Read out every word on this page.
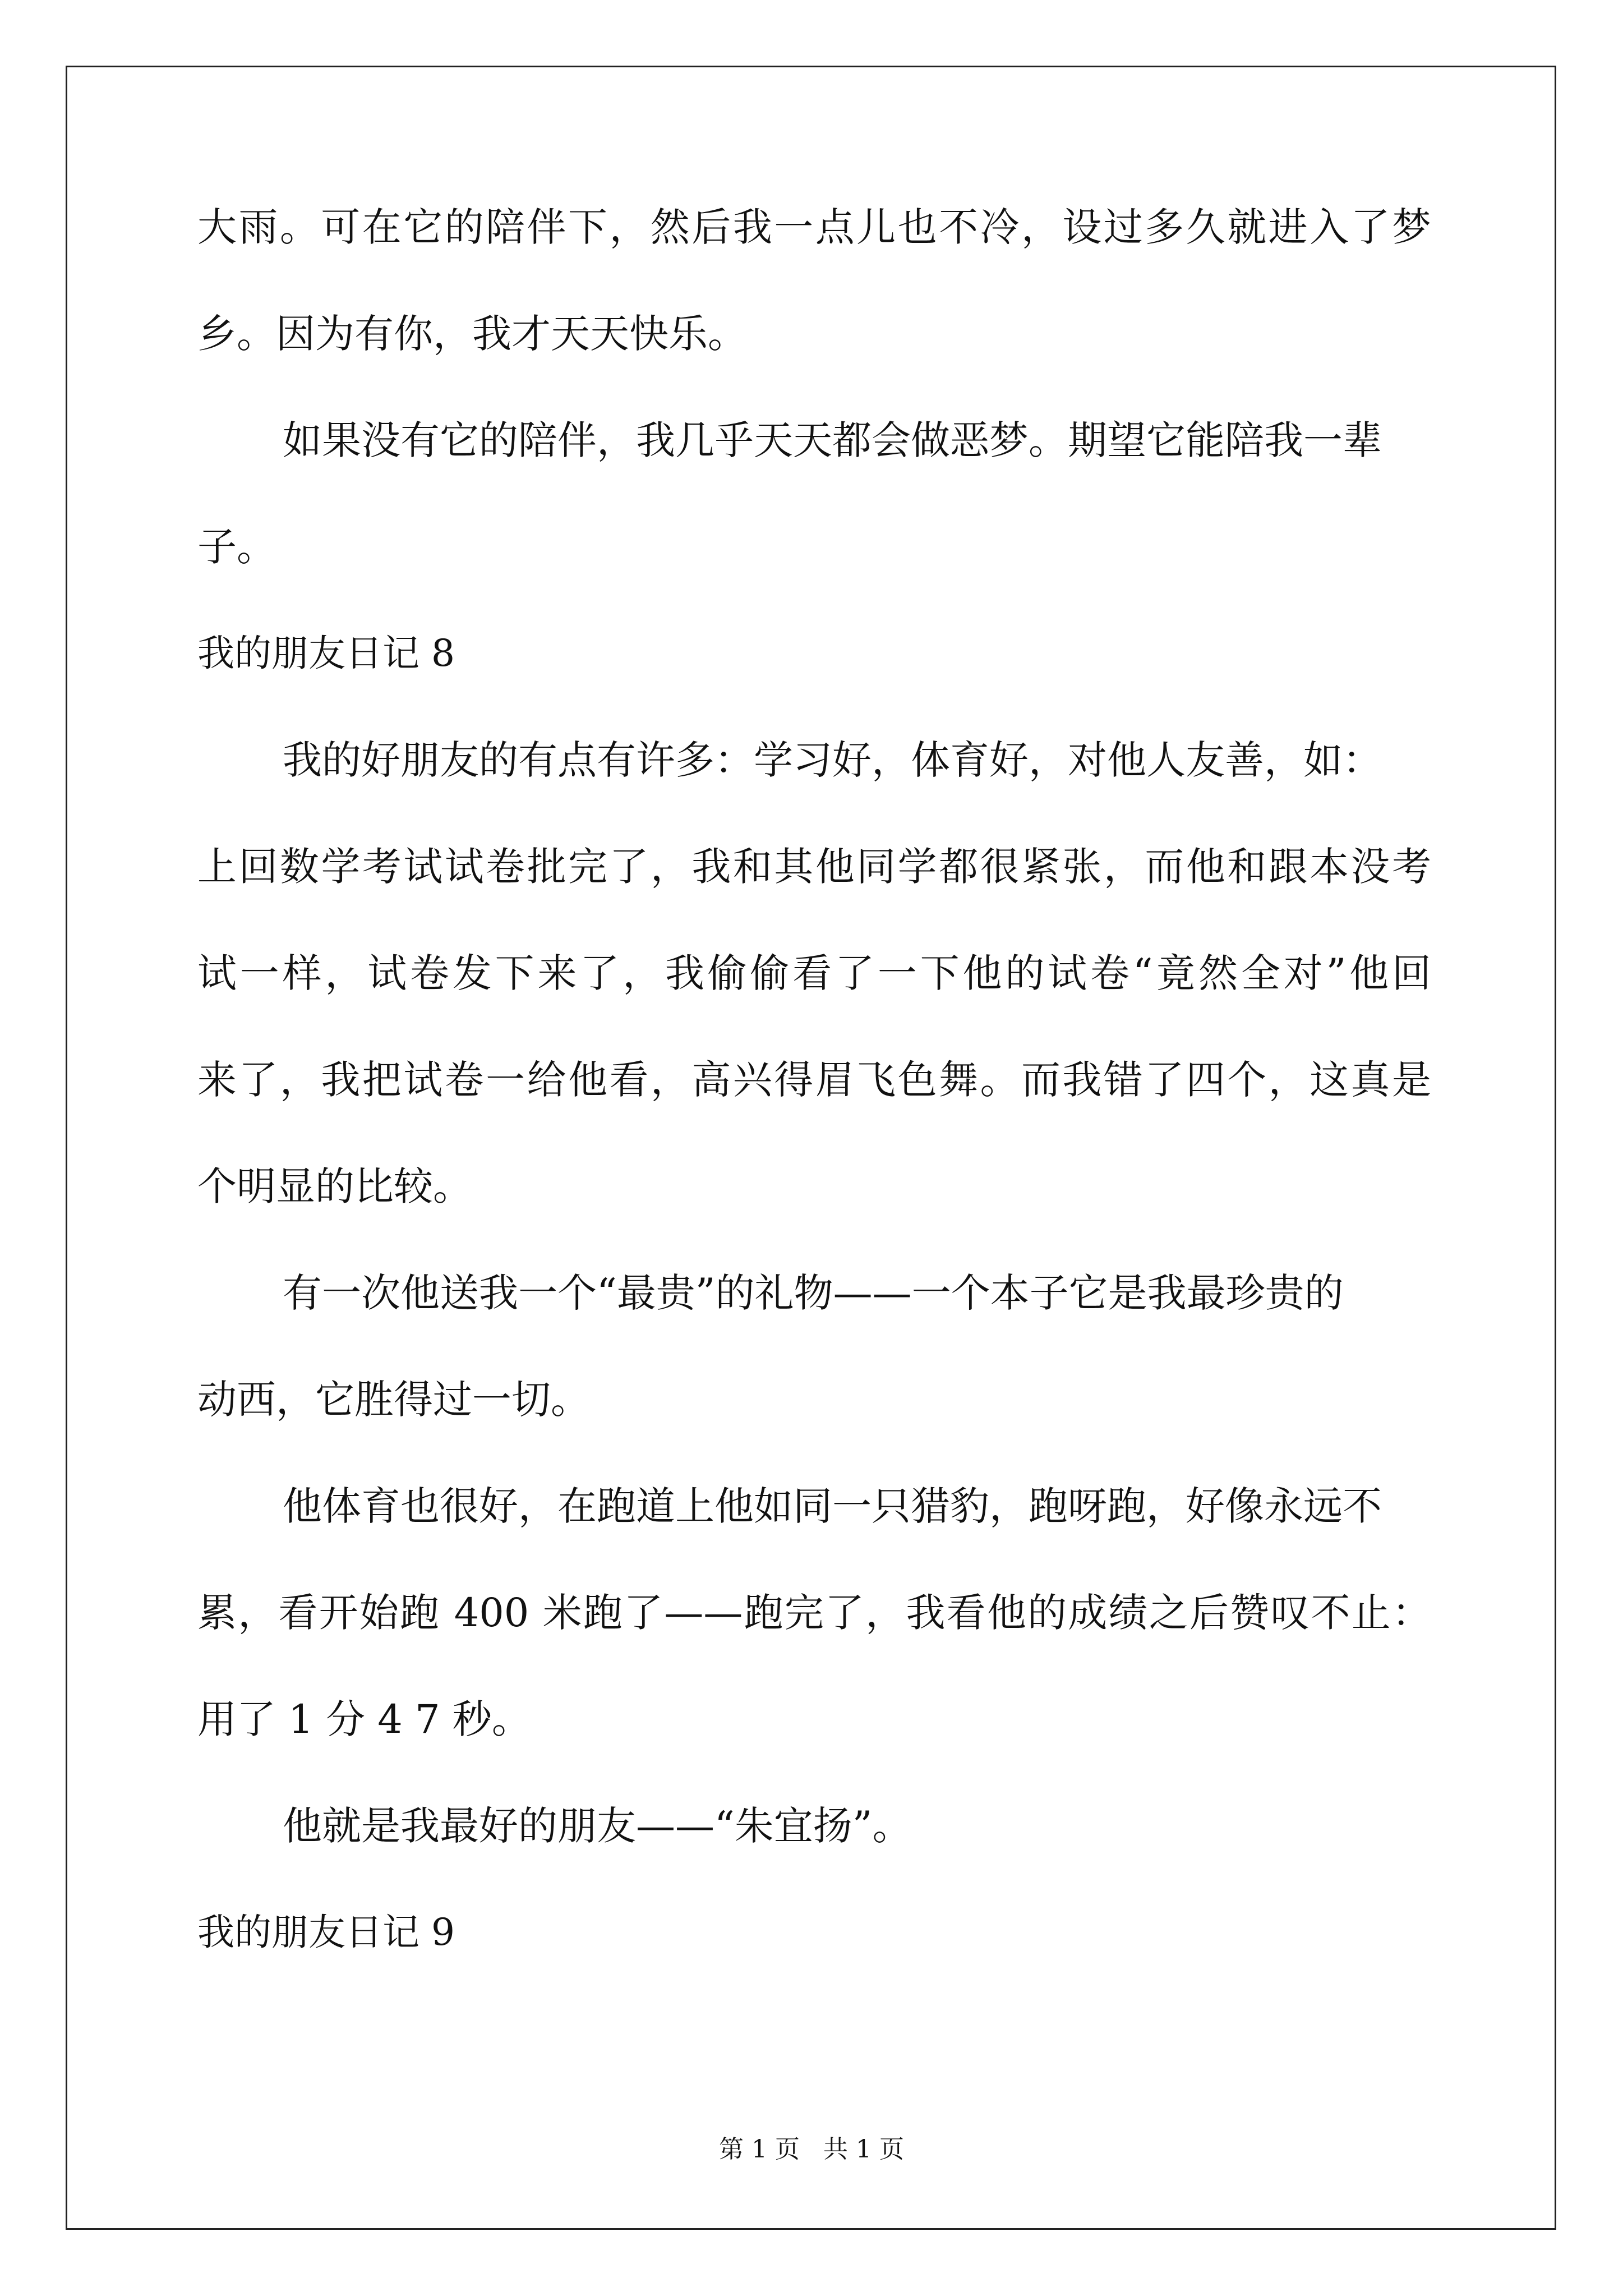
大雨。可在它的陪伴下，然后我一点儿也不冷，设过多久就进入了梦

乡。因为有你，我才天天快乐。

如果没有它的陪伴，我几乎天天都会做恶梦。期望它能陪我一辈

子。

我的朋友日记 8

我的好朋友的有点有许多：学习好，体育好，对他人友善，如：

上回数学考试试卷批完了，我和其他同学都很紧张，而他和跟本没考

试一样，试卷发下来了，我偷偷看了一下他的试卷“竟然全对”他回

来了，我把试卷一给他看，高兴得眉飞色舞。而我错了四个，这真是

个明显的比较。

有一次他送我一个“最贵”的礼物——一个本子它是我最珍贵的

动西，它胜得过一切。

他体育也很好，在跑道上他如同一只猎豹，跑呀跑，好像永远不

累，看开始跑 400 米跑了——跑完了，我看他的成绩之后赞叹不止：

用了 1 分 4 7 秒。

他就是我最好的朋友——“朱宜扬”。

我的朋友日记 9

第 1 页   共 1 页
